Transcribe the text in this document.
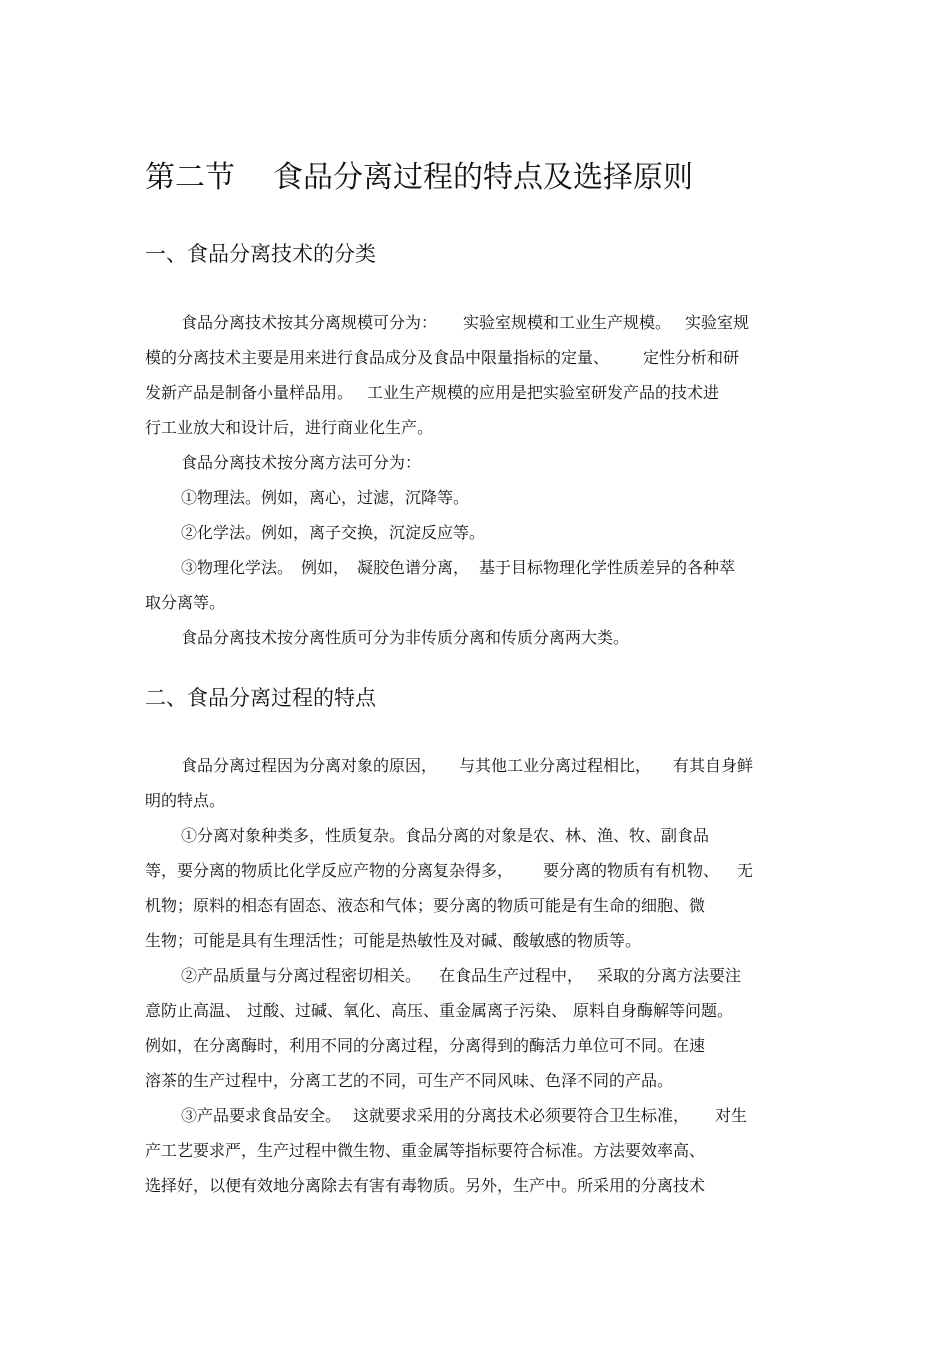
第二节 食品分离过程的特点及选择原则
一、食品分离技术的分类

食品分离技术按其分离规模可分为： 实验室规模和工业生产规模。 实验室规

模的分离技术主要是用来进行食品成分及食品中限量指标的定量、 定性分析和研

发新产品是制备小量样品用。 工业生产规模的应用是把实验室研发产品的技术进

行工业放大和设计后，进行商业化生产。

食品分离技术按分离方法可分为：

①物理法。例如，离心，过滤，沉降等。

②化学法。例如，离子交换，沉淀反应等。

③物理化学法。 例如， 凝胶色谱分离， 基于目标物理化学性质差异的各种萃

取分离等。

食品分离技术按分离性质可分为非传质分离和传质分离两大类。

二、食品分离过程的特点

食品分离过程因为分离对象的原因， 与其他工业分离过程相比， 有其自身鲜

明的特点。

①分离对象种类多，性质复杂。食品分离的对象是农、林、渔、牧、副食品

等，要分离的物质比化学反应产物的分离复杂得多， 要分离的物质有有机物、 无

机物；原料的相态有固态、液态和气体；要分离的物质可能是有生命的细胞、微

生物；可能是具有生理活性；可能是热敏性及对碱、酸敏感的物质等。

②产品质量与分离过程密切相关。 在食品生产过程中， 采取的分离方法要注

意防止高温、 过酸、过碱、氧化、高压、重金属离子污染、 原料自身酶解等问题。

例如，在分离酶时，利用不同的分离过程，分离得到的酶活力单位可不同。在速

溶茶的生产过程中，分离工艺的不同，可生产不同风味、色泽不同的产品。

③产品要求食品安全。 这就要求采用的分离技术必须要符合卫生标准， 对生

产工艺要求严，生产过程中微生物、重金属等指标要符合标准。方法要效率高、

选择好，以便有效地分离除去有害有毒物质。另外，生产中。所采用的分离技术
